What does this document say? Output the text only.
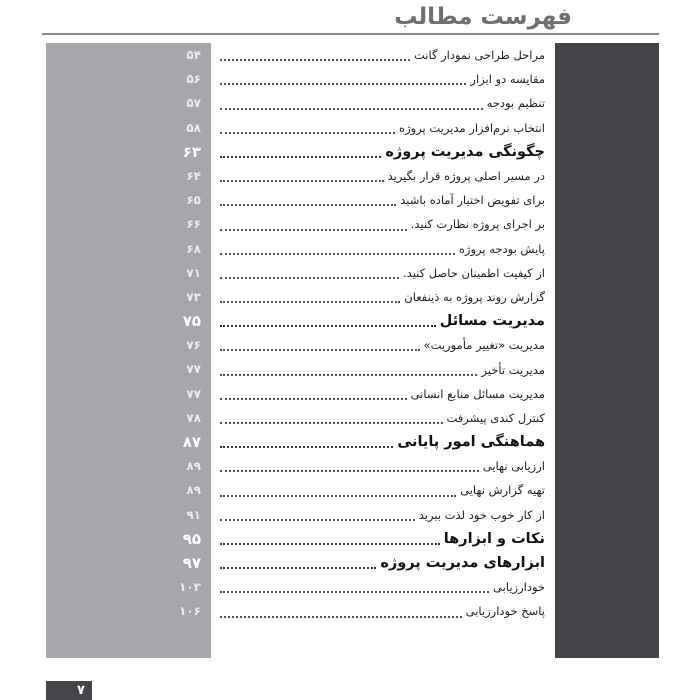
فهرست مطالب
مراحل طراحی نمودار گانت
۵۴
مقایسه دو ابزار
۵۶
تنظیم بودجه
۵۷
انتخاب نرم‌افزار مدیریت پروژه
۵۸
چگونگی مدیریت پروژه
۶۳
در مسیر اصلی پروژه قرار بگیرید
۶۴
برای تفویض اختیار آماده باشید
۶۵
بر اجرای پروژه نظارت کنید.
۶۶
پایش بودجه پروژه
۶۸
از کیفیت اطمینان حاصل کنید.
۷۱
گزارش روند پروژه به ذینفعان
۷۳
مدیریت مسائل
۷۵
مدیریت «تغییر مأموریت»
۷۶
مدیریت تأخیر
۷۷
مدیریت مسائل منابع انسانی
۷۷
کنترل کندی پیشرفت
۷۸
هماهنگی امور پایانی
۸۷
ارزیابی نهایی
۸۹
تهیه گزارش نهایی
۸۹
از کار خوب خود لذت ببرید
۹۱
نکات و ابزارها
۹۵
ابزارهای مدیریت پروژه
۹۷
خودارزیابی
۱۰۳
پاسخ خودارزیابی
۱۰۶
۷
